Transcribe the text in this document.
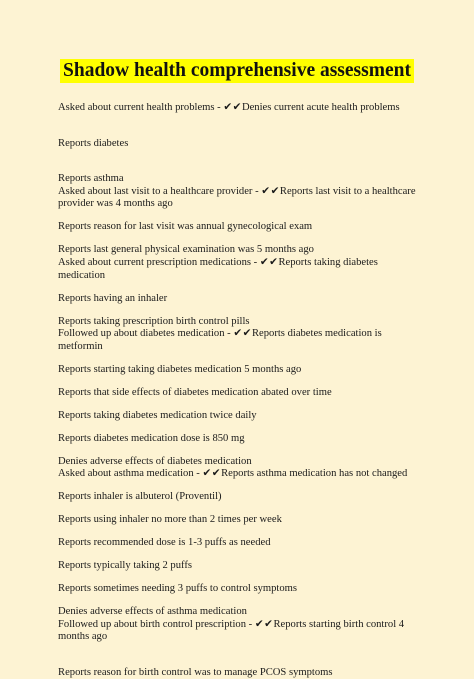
Shadow health comprehensive assessment

Asked about current health problems - ✔✔Denies current acute health problems

Reports diabetes

Reports asthma

Asked about last visit to a healthcare provider - ✔✔Reports last visit to a healthcare provider was 4 months ago

Reports reason for last visit was annual gynecological exam

Reports last general physical examination was 5 months ago

Asked about current prescription medications - ✔✔Reports taking diabetes medication

Reports having an inhaler

Reports taking prescription birth control pills

Followed up about diabetes medication - ✔✔Reports diabetes medication is metformin

Reports starting taking diabetes medication 5 months ago

Reports that side effects of diabetes medication abated over time

Reports taking diabetes medication twice daily

Reports diabetes medication dose is 850 mg

Denies adverse effects of diabetes medication

Asked about asthma medication - ✔✔Reports asthma medication has not changed

Reports inhaler is albuterol (Proventil)

Reports using inhaler no more than 2 times per week

Reports recommended dose is 1-3 puffs as needed

Reports typically taking 2 puffs

Reports sometimes needing 3 puffs to control symptoms

Denies adverse effects of asthma medication

Followed up about birth control prescription - ✔✔Reports starting birth control 4 months ago

Reports reason for birth control was to manage PCOS symptoms
